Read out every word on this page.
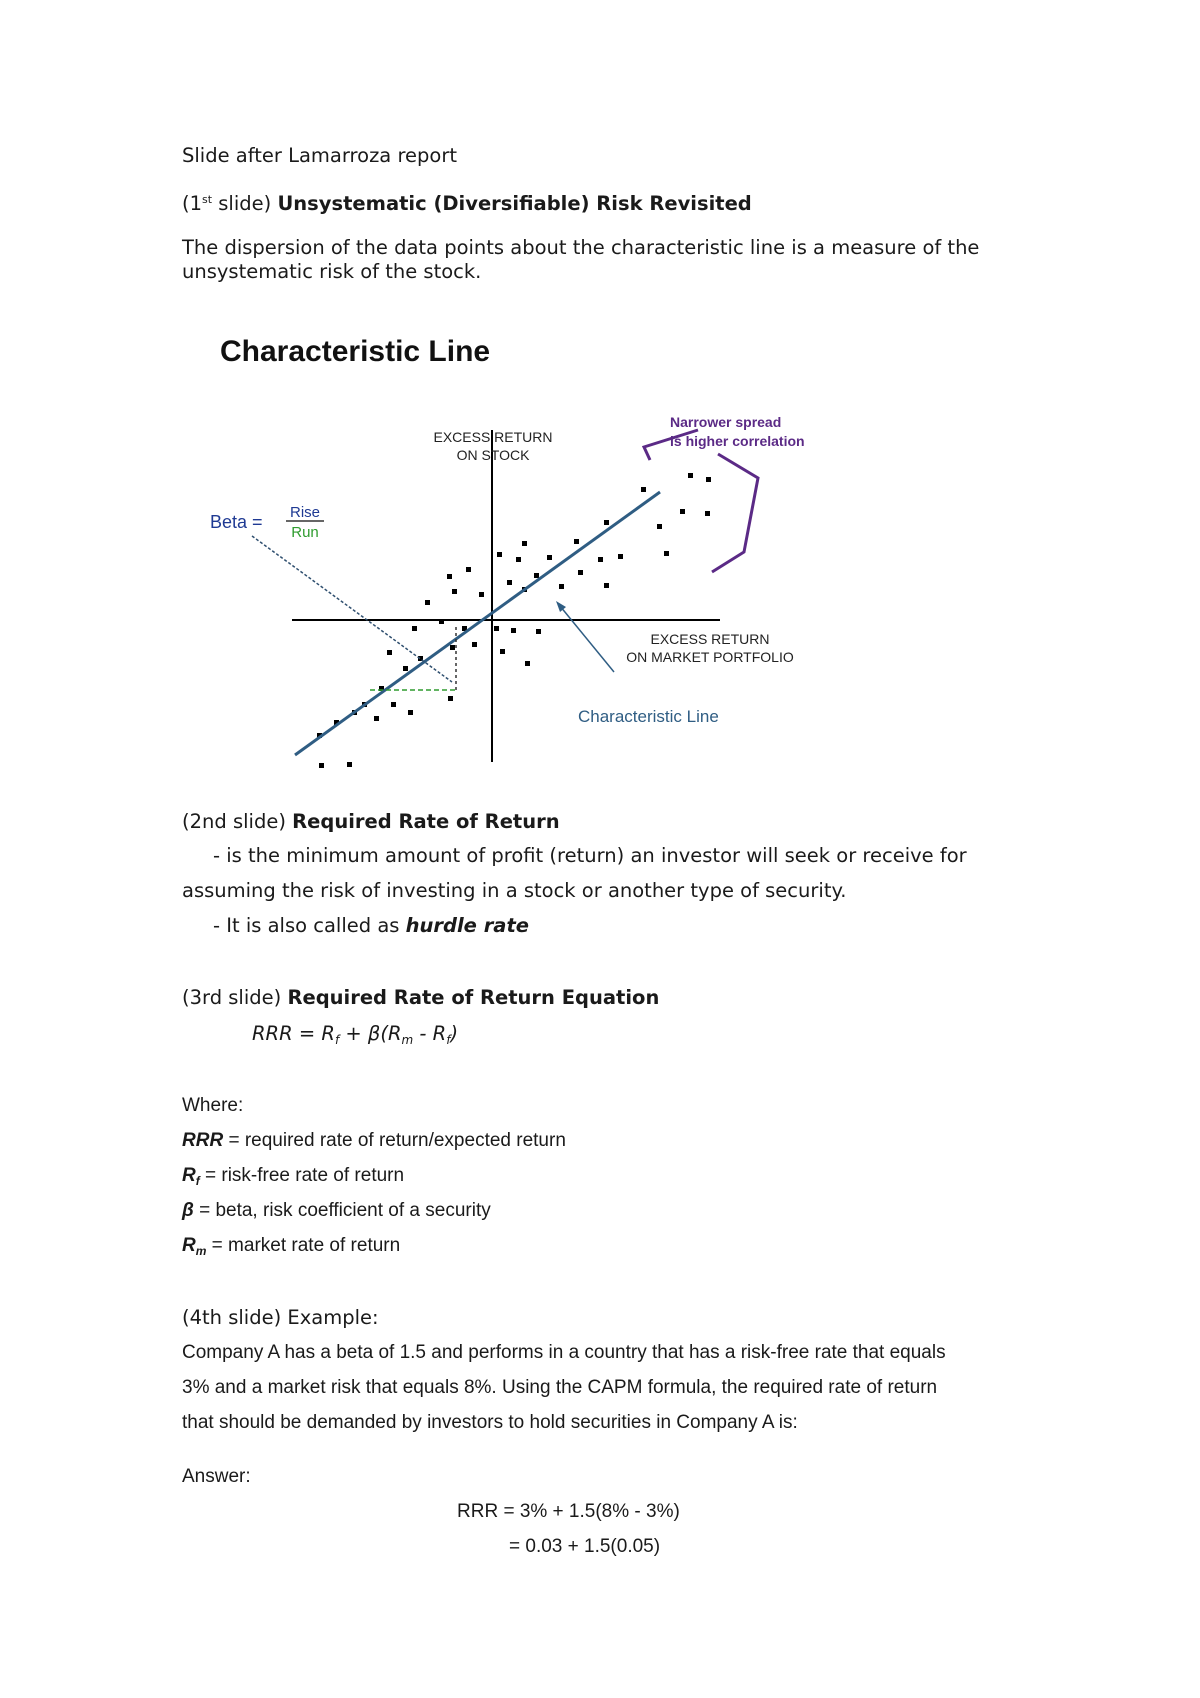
Slide after Lamarroza report
(1st slide) Unsystematic (Diversifiable) Risk Revisited
The dispersion of the data points about the characteristic line is a measure of the
unsystematic risk of the stock.
Characteristic Line
EXCESS RETURN
ON STOCK
EXCESS RETURN
ON MARKET PORTFOLIO
Beta = Rise
Run
Narrower spread
is higher correlation
Characteristic Line
(2nd slide) Required Rate of Return
- is the minimum amount of profit (return) an investor will seek or receive for
assuming the risk of investing in a stock or another type of security.
- It is also called as hurdle rate
(3rd slide) Required Rate of Return Equation
RRR = $R_f + \beta(R_m - R_f)$
Where:
RRR = required rate of return/expected return
$R_f$ = risk-free rate of return
β = beta, risk coefficient of a security
$R_m$ = market rate of return
(4th slide) Example:
Company A has a beta of 1.5 and performs in a country that has a risk-free rate that equals
3% and a market risk that equals 8%. Using the CAPM formula, the required rate of return
that should be demanded by investors to hold securities in Company A is:
Answer:
RRR = 3% + 1.5(8% - 3%)
= 0.03 + 1.5(0.05)
